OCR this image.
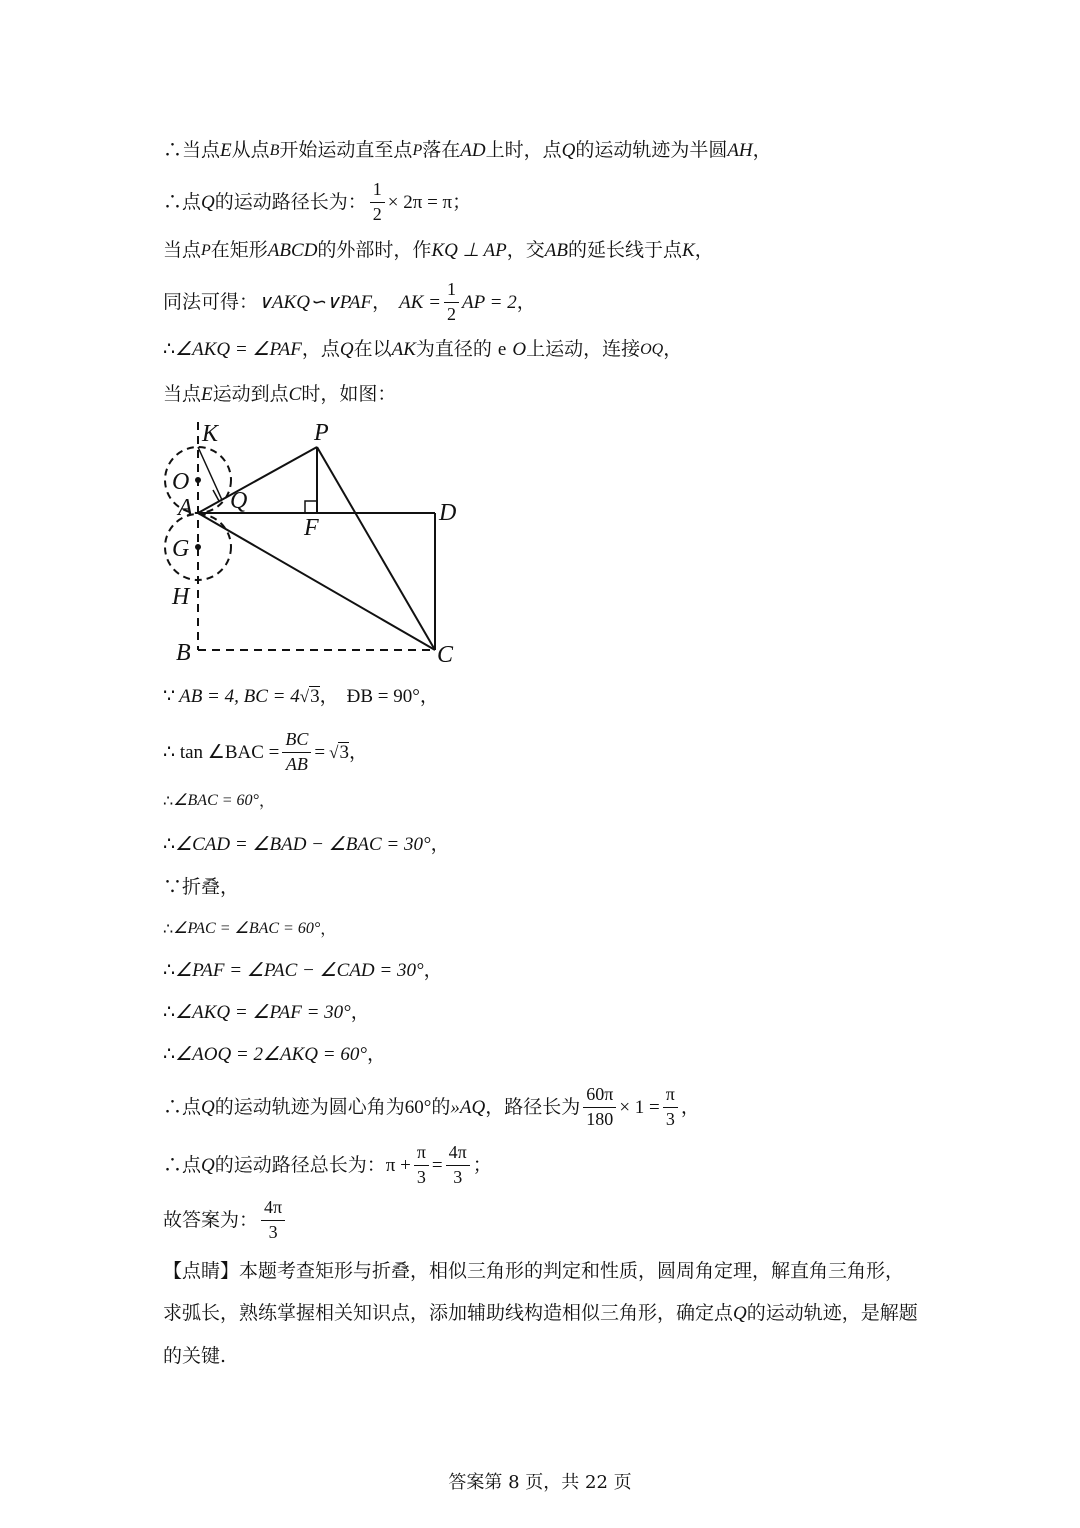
∴当点 E 从点 B 开始运动直至点 P 落在 AD 上时，点 Q 的运动轨迹为半圆 AH ，
∴点 Q 的运动路径长为： $\frac{1}{2} \times 2\pi = \pi$ ；
当点 P 在矩形 ABCD 的外部时，作 KQ ⊥ AP ，交 AB 的延长线于点 K ，
同法可得： ∨AKQ∽∨PAF ， AK = $\frac{1}{2}$ AP = 2 ，
∴ ∠AKQ = ∠PAF ，点 Q 在以 AK 为直径的 e O 上运动，连接 OQ ，
当点 E 运动到点 C 时，如图：
K	P
O
A Q	D
F
G
H
B	C
∵ AB = 4, BC = 4 √ 3 ， ÐB = 90° ，
∴ tan ∠BAC = $\frac{BC}{AB}$ = √ 3 ，
∴ ∠BAC = 60° ，
∴ ∠CAD = ∠BAD − ∠BAC = 30° ，
∵折叠，
∴ ∠PAC = ∠BAC = 60° ，
∴ ∠PAF = ∠PAC − ∠CAD = 30° ，
∴ ∠AKQ = ∠PAF = 30° ，
∴ ∠AOQ = 2∠AKQ = 60° ，
∴点 Q 的运动轨迹为圆心角为 60° 的 »AQ ，路径长为 $\frac{60\pi}{180} \times 1 = \frac{\pi}{3}$ ，
∴点 Q 的运动路径总长为： $\pi + \frac{\pi}{3} = \frac{4\pi}{3}$ ；
故答案为： $\frac{4\pi}{3}$
【点睛】本题考查矩形与折叠，相似三角形的判定和性质，圆周角定理，解直角三角形，求弧长，熟练掌握相关知识点，添加辅助线构造相似三角形，确定点Q的运动轨迹，是解题的关键.
答案第 8 页，共 22 页
